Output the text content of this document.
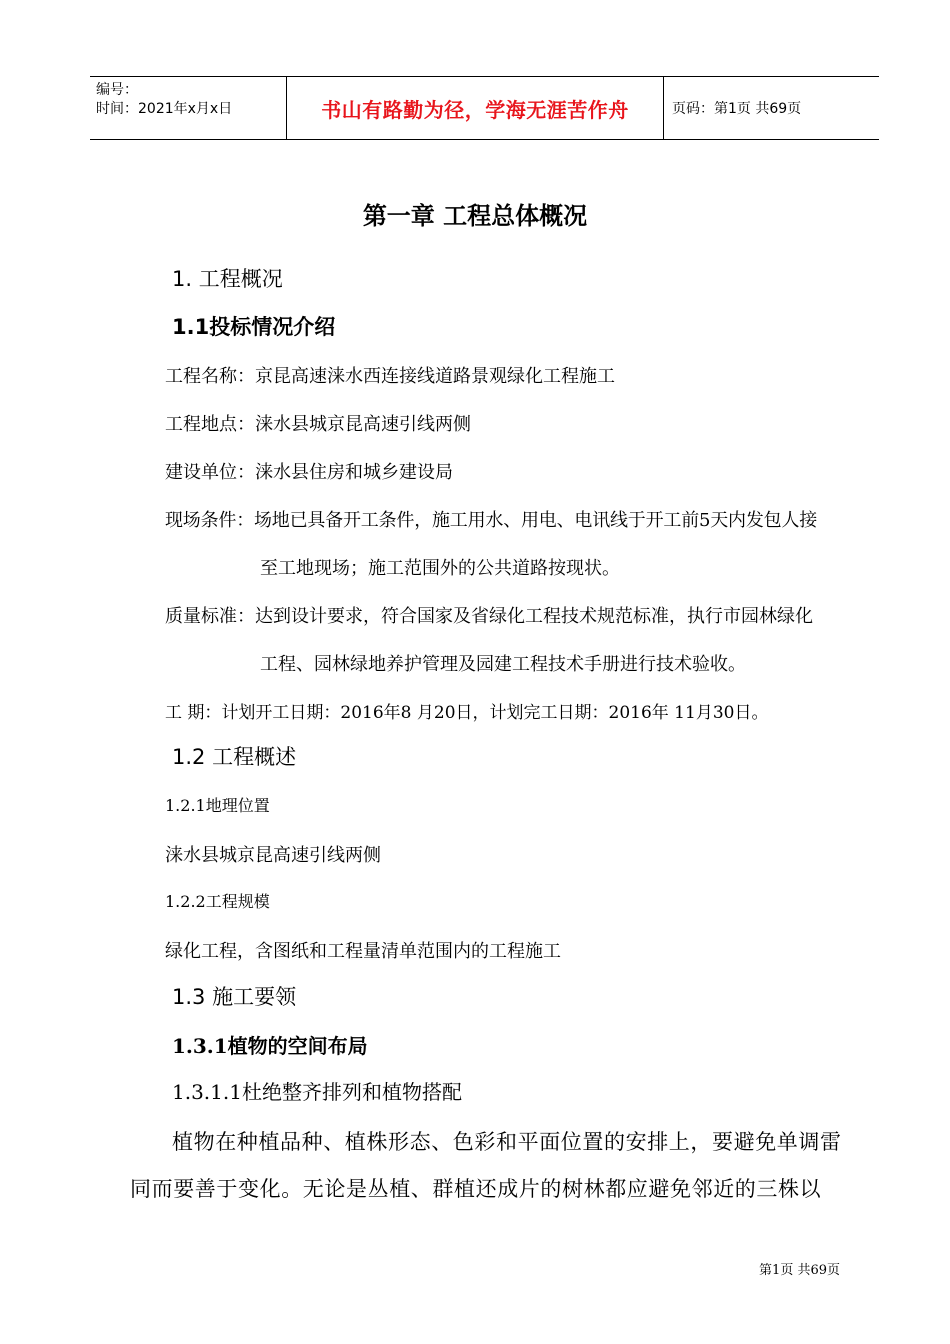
编号：
时间：2021年x月x日	书山有路勤为径，学海无涯苦作舟	页码：第1页 共69页
第一章 工程总体概况
1. 工程概况
1.1投标情况介绍
工程名称：京昆高速涞水西连接线道路景观绿化工程施工
工程地点：涞水县城京昆高速引线两侧
建设单位：涞水县住房和城乡建设局
现场条件：场地已具备开工条件，施工用水、用电、电讯线于开工前5天内发包人接
至工地现场；施工范围外的公共道路按现状。
质量标准：达到设计要求，符合国家及省绿化工程技术规范标准，执行市园林绿化
工程、园林绿地养护管理及园建工程技术手册进行技术验收。
工 期：计划开工日期：2016年8 月20日，计划完工日期：2016年 11月30日。
1.2 工程概述
1.2.1地理位置
涞水县城京昆高速引线两侧
1.2.2工程规模
绿化工程，含图纸和工程量清单范围内的工程施工
1.3 施工要领
1.3.1植物的空间布局
1.3.1.1杜绝整齐排列和植物搭配
植物在种植品种、植株形态、色彩和平面位置的安排上，要避免单调雷
同而要善于变化。无论是丛植、群植还成片的树林都应避免邻近的三株以
第1页 共69页
